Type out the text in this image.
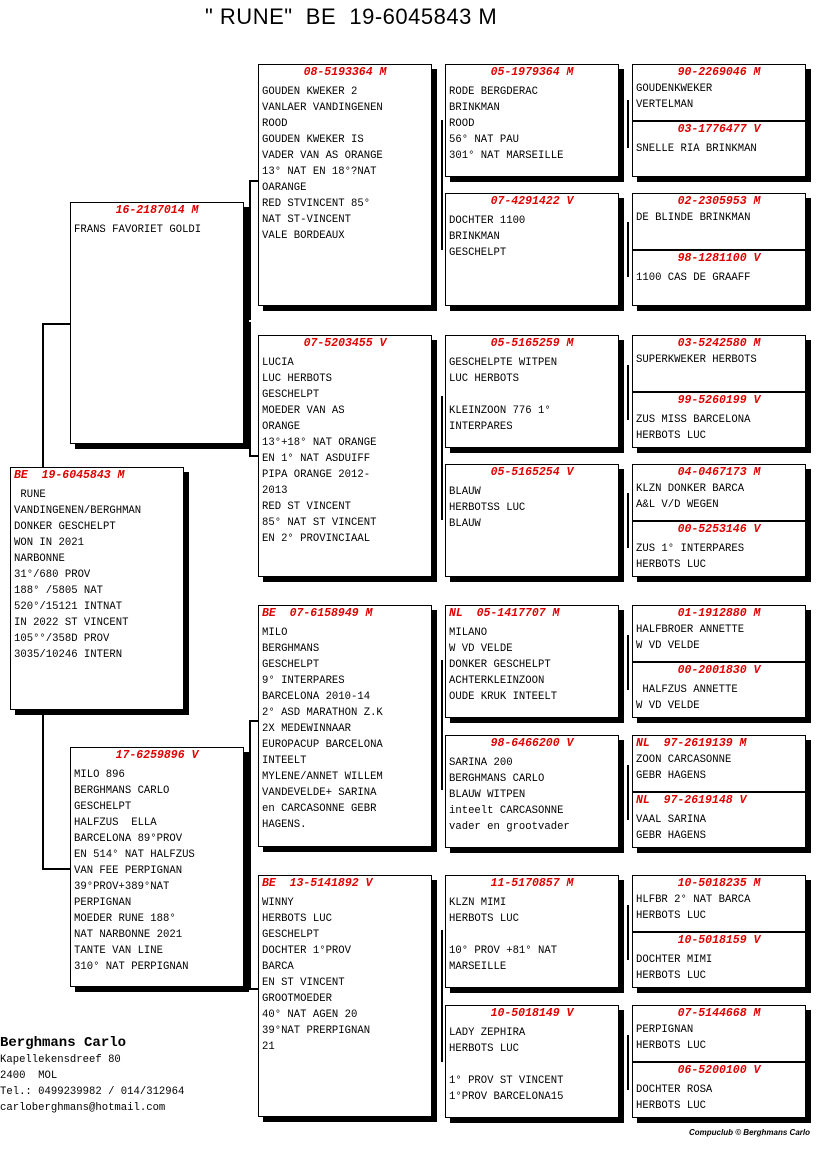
" RUNE"  BE  19-6045843 M
BE  19-6045843 M
RUNE
VANDINGENEN/BERGHMAN
DONKER GESCHELPT
WON IN 2021
NARBONNE
31°/680 PROV
188° /5805 NAT
520°/15121 INTNAT
IN 2022 ST VINCENT
105°°/358D PROV
3035/10246 INTERN
16-2187014 M
FRANS FAVORIET GOLDI
17-6259896 V
MILO 896
BERGHMANS CARLO
GESCHELPT
HALFZUS  ELLA
BARCELONA 89°PROV
EN 514° NAT HALFZUS
VAN FEE PERPIGNAN
39°PROV+389°NAT
PERPIGNAN
MOEDER RUNE 188°
NAT NARBONNE 2021
TANTE VAN LINE
310° NAT PERPIGNAN
08-5193364 M
GOUDEN KWEKER 2
VANLAER VANDINGENEN
ROOD
GOUDEN KWEKER IS
VADER VAN AS ORANGE
13° NAT EN 18°?NAT
OARANGE
RED STVINCENT 85°
NAT ST-VINCENT
VALE BORDEAUX
07-5203455 V
LUCIA
LUC HERBOTS
GESCHELPT
MOEDER VAN AS
ORANGE
13°+18° NAT ORANGE
EN 1° NAT ASDUIFF
PIPA ORANGE 2012-
2013
RED ST VINCENT
85° NAT ST VINCENT
EN 2° PROVINCIAAL
BE  07-6158949 M
MILO
BERGHMANS
GESCHELPT
9° INTERPARES
BARCELONA 2010-14
2° ASD MARATHON Z.K
2X MEDEWINNAAR
EUROPACUP BARCELONA
INTEELT
MYLENE/ANNET WILLEM
VANDEVELDE+ SARINA
en CARCASONNE GEBR
HAGENS.
BE  13-5141892 V
WINNY
HERBOTS LUC
GESCHELPT
DOCHTER 1°PROV
BARCA
EN ST VINCENT
GROOTMOEDER
40° NAT AGEN 20
39°NAT PRERPIGNAN
21
05-1979364 M
RODE BERGDERAC
BRINKMAN
ROOD
56° NAT PAU
301° NAT MARSEILLE
07-4291422 V
DOCHTER 1100
BRINKMAN
GESCHELPT
05-5165259 M
GESCHELPTE WITPEN
LUC HERBOTS
KLEINZOON 776 1°
INTERPARES
05-5165254 V
BLAUW
HERBOTSS LUC
BLAUW
NL  05-1417707 M
MILANO
W VD VELDE
DONKER GESCHELPT
ACHTERKLEINZOON
OUDE KRUK INTEELT
98-6466200 V
SARINA 200
BERGHMANS CARLO
BLAUW WITPEN
inteelt CARCASONNE
vader en grootvader
11-5170857 M
KLZN MIMI
HERBOTS LUC
10° PROV +81° NAT
MARSEILLE
10-5018149 V
LADY ZEPHIRA
HERBOTS LUC
1° PROV ST VINCENT
1°PROV BARCELONA15
90-2269046 M
GOUDENKWEKER
VERTELMAN
03-1776477 V
SNELLE RIA BRINKMAN
02-2305953 M
DE BLINDE BRINKMAN
98-1281100 V
1100 CAS DE GRAAFF
03-5242580 M
SUPERKWEKER HERBOTS
99-5260199 V
ZUS MISS BARCELONA
HERBOTS LUC
04-0467173 M
KLZN DONKER BARCA
A&L V/D WEGEN
00-5253146 V
ZUS 1° INTERPARES
HERBOTS LUC
01-1912880 M
HALFBROER ANNETTE
W VD VELDE
00-2001830 V
HALFZUS ANNETTE
W VD VELDE
NL  97-2619139 M
ZOON CARCASONNE
GEBR HAGENS
NL  97-2619148 V
VAAL SARINA
GEBR HAGENS
10-5018235 M
HLFBR 2° NAT BARCA
HERBOTS LUC
10-5018159 V
DOCHTER MIMI
HERBOTS LUC
07-5144668 M
PERPIGNAN
HERBOTS LUC
06-5200100 V
DOCHTER ROSA
HERBOTS LUC
Berghmans Carlo
Kapellekensdreef 80
2400  MOL
Tel.: 0499239982 / 014/312964
carloberghmans@hotmail.com
Compuclub © Berghmans Carlo
